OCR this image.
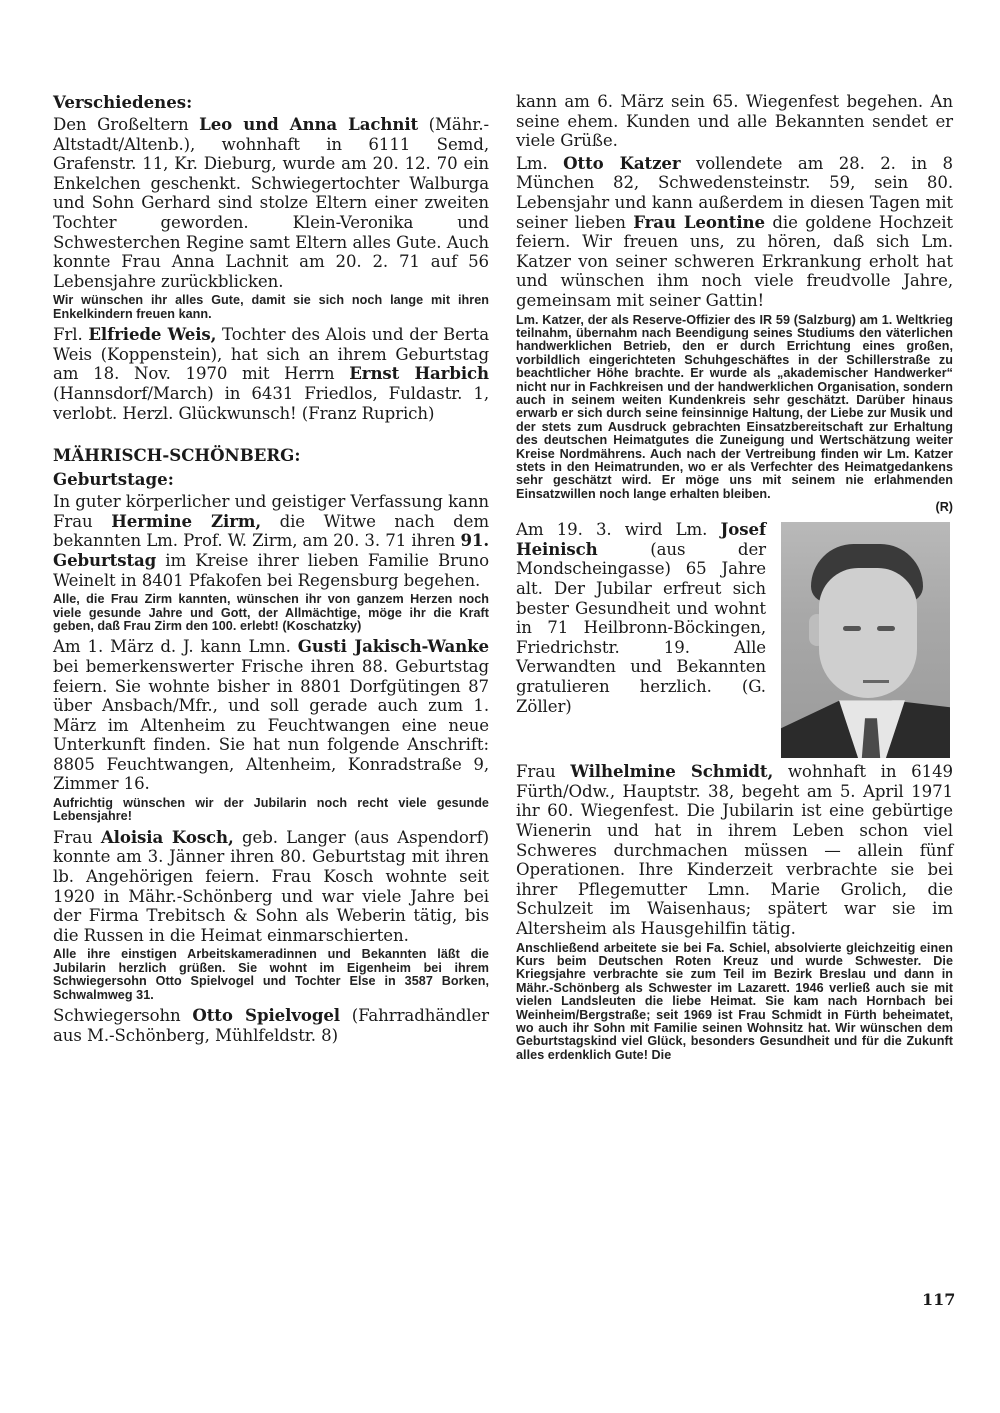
Verschiedenes:

Den Großeltern Leo und Anna Lachnit (Mähr.-Altstadt/Altenb.), wohnhaft in 6111 Semd, Grafenstr. 11, Kr. Dieburg, wurde am 20. 12. 70 ein Enkelchen geschenkt. Schwiegertochter Walburga und Sohn Gerhard sind stolze Eltern einer zweiten Tochter geworden. Klein-Veronika und Schwesterchen Regine samt Eltern alles Gute. Auch konnte Frau Anna Lachnit am 20. 2. 71 auf 56 Lebensjahre zurückblicken.

Wir wünschen ihr alles Gute, damit sie sich noch lange mit ihren Enkelkindern freuen kann.

Frl. Elfriede Weis, Tochter des Alois und der Berta Weis (Koppenstein), hat sich an ihrem Geburtstag am 18. Nov. 1970 mit Herrn Ernst Harbich (Hannsdorf/March) in 6431 Friedlos, Fuldastr. 1, verlobt. Herzl. Glückwunsch! (Franz Ruprich)

MÄHRISCH-SCHÖNBERG:
Geburtstage:

In guter körperlicher und geistiger Verfassung kann Frau Hermine Zirm, die Witwe nach dem bekannten Lm. Prof. W. Zirm, am 20. 3. 71 ihren 91. Geburtstag im Kreise ihrer lieben Familie Bruno Weinelt in 8401 Pfakofen bei Regensburg begehen.

Alle, die Frau Zirm kannten, wünschen ihr von ganzem Herzen noch viele gesunde Jahre und Gott, der Allmächtige, möge ihr die Kraft geben, daß Frau Zirm den 100. erlebt! (Koschatzky)

Am 1. März d. J. kann Lmn. Gusti Jakisch-Wanke bei bemerkenswerter Frische ihren 88. Geburtstag feiern. Sie wohnte bisher in 8801 Dorfgütingen 87 über Ansbach/Mfr., und soll gerade auch zum 1. März im Altenheim zu Feuchtwangen eine neue Unterkunft finden. Sie hat nun folgende Anschrift: 8805 Feuchtwangen, Altenheim, Konradstraße 9, Zimmer 16.

Aufrichtig wünschen wir der Jubilarin noch recht viele gesunde Lebensjahre!

Frau Aloisia Kosch, geb. Langer (aus Aspendorf) konnte am 3. Jänner ihren 80. Geburtstag mit ihren lb. Angehörigen feiern. Frau Kosch wohnte seit 1920 in Mähr.-Schönberg und war viele Jahre bei der Firma Trebitsch & Sohn als Weberin tätig, bis die Russen in die Heimat einmarschierten.

Alle ihre einstigen Arbeitskameradinnen und Bekannten läßt die Jubilarin herzlich grüßen. Sie wohnt im Eigenheim bei ihrem Schwiegersohn Otto Spielvogel und Tochter Else in 3587 Borken, Schwalmweg 31.

Schwiegersohn Otto Spielvogel (Fahrradhändler aus M.-Schönberg, Mühlfeldstr. 8)

kann am 6. März sein 65. Wiegenfest begehen. An seine ehem. Kunden und alle Bekannten sendet er viele Grüße.

Lm. Otto Katzer vollendete am 28. 2. in 8 München 82, Schwedensteinstr. 59, sein 80. Lebensjahr und kann außerdem in diesen Tagen mit seiner lieben Frau Leontine die goldene Hochzeit feiern. Wir freuen uns, zu hören, daß sich Lm. Katzer von seiner schweren Erkrankung erholt hat und wünschen ihm noch viele freudvolle Jahre, gemeinsam mit seiner Gattin!

Lm. Katzer, der als Reserve-Offizier des IR 59 (Salzburg) am 1. Weltkrieg teilnahm, übernahm nach Beendigung seines Studiums den väterlichen handwerklichen Betrieb, den er durch Errichtung eines großen, vorbildlich eingerichteten Schuhgeschäftes in der Schillerstraße zu beachtlicher Höhe brachte. Er wurde als „akademischer Handwerker“ nicht nur in Fachkreisen und der handwerklichen Organisation, sondern auch in seinem weiten Kundenkreis sehr geschätzt. Darüber hinaus erwarb er sich durch seine feinsinnige Haltung, der Liebe zur Musik und der stets zum Ausdruck gebrachten Einsatzbereitschaft zur Erhaltung des deutschen Heimatgutes die Zuneigung und Wertschätzung weiter Kreise Nordmährens. Auch nach der Vertreibung finden wir Lm. Katzer stets in den Heimatrunden, wo er als Verfechter des Heimatgedankens sehr geschätzt wird. Er möge uns mit seinem nie erlahmenden Einsatzwillen noch lange erhalten bleiben.

(R)

Am 19. 3. wird Lm. Josef Heinisch (aus der Mondscheingasse) 65 Jahre alt. Der Jubilar erfreut sich bester Gesundheit und wohnt in 71 Heilbronn-Böckingen, Friedrichstr. 19. Alle Verwandten und Bekannten gratulieren herzlich. (G. Zöller)

Frau Wilhelmine Schmidt, wohnhaft in 6149 Fürth/Odw., Hauptstr. 38, begeht am 5. April 1971 ihr 60. Wiegenfest. Die Jubilarin ist eine gebürtige Wienerin und hat in ihrem Leben schon viel Schweres durchmachen müssen — allein fünf Operationen. Ihre Kinderzeit verbrachte sie bei ihrer Pflegemutter Lmn. Marie Grolich, die Schulzeit im Waisenhaus; spätert war sie im Altersheim als Hausgehilfin tätig.

Anschließend arbeitete sie bei Fa. Schiel, absolvierte gleichzeitig einen Kurs beim Deutschen Roten Kreuz und wurde Schwester. Die Kriegsjahre verbrachte sie zum Teil im Bezirk Breslau und dann in Mähr.-Schönberg als Schwester im Lazarett. 1946 verließ auch sie mit vielen Landsleuten die liebe Heimat. Sie kam nach Hornbach bei Weinheim/Bergstraße; seit 1969 ist Frau Schmidt in Fürth beheimatet, wo auch ihr Sohn mit Familie seinen Wohnsitz hat. Wir wünschen dem Geburtstagskind viel Glück, besonders Gesundheit und für die Zukunft alles erdenklich Gute! Die

117
